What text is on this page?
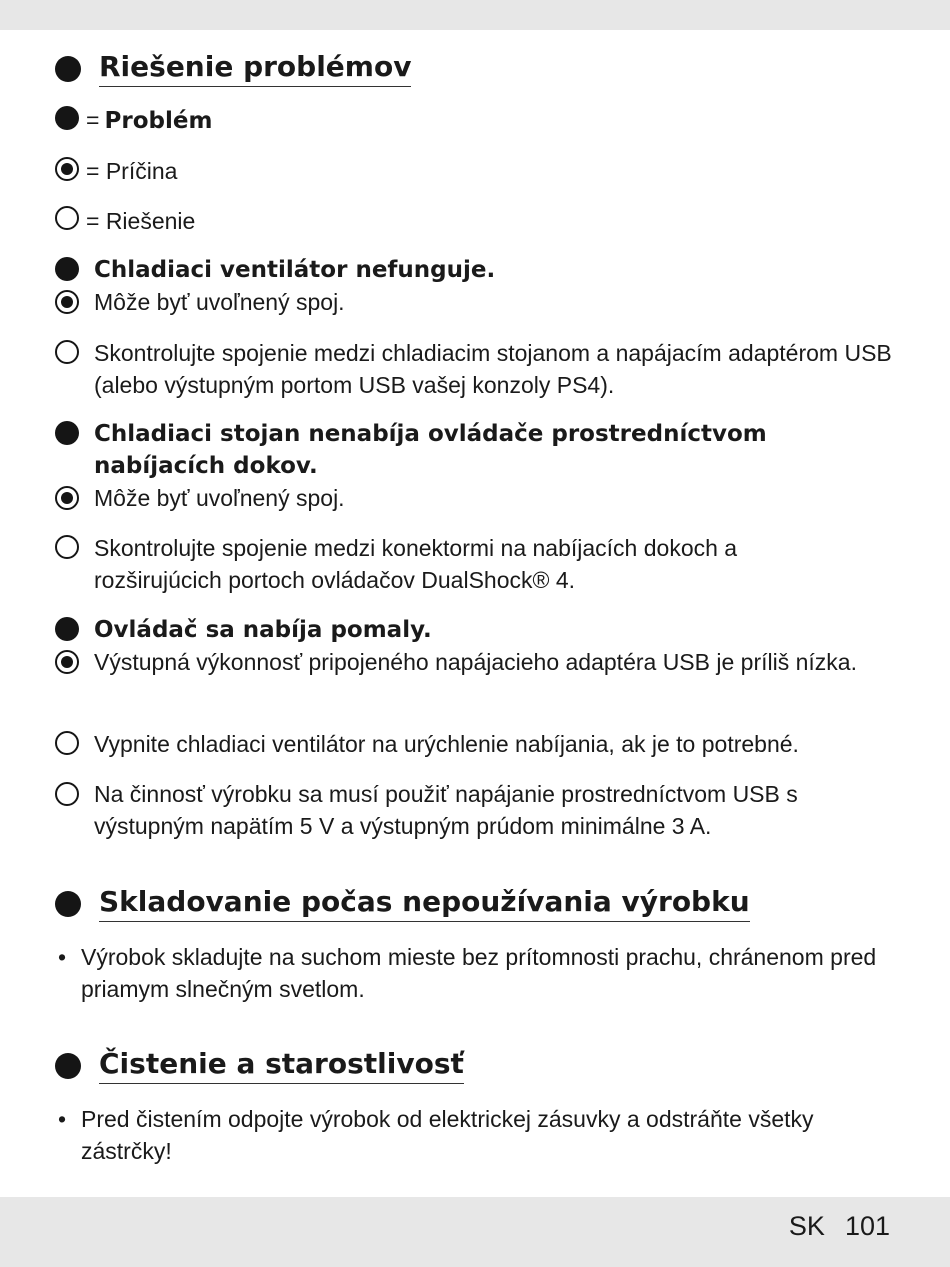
Riešenie problémov
= Problém
= Príčina
= Riešenie
Chladiaci ventilátor nefunguje.
Môže byť uvoľnený spoj.
Skontrolujte spojenie medzi chladiacim stojanom a napájacím adaptérom USB (alebo výstupným portom USB vašej konzoly PS4).
Chladiaci stojan nenabíja ovládače prostredníctvom nabíjacích dokov.
Môže byť uvoľnený spoj.
Skontrolujte spojenie medzi konektormi na nabíjacích dokoch a rozširujúcich portoch ovládačov DualShock® 4.
Ovládač sa nabíja pomaly.
Výstupná výkonnosť pripojeného napájacieho adaptéra USB je príliš nízka.
Vypnite chladiaci ventilátor na urýchlenie nabíjania, ak je to potrebné.
Na činnosť výrobku sa musí použiť napájanie prostredníctvom USB s výstupným napätím 5 V a výstupným prúdom minimálne 3 A.
Skladovanie počas nepoužívania výrobku
• Výrobok skladujte na suchom mieste bez prítomnosti prachu, chránenom pred priamym slnečným svetlom.
Čistenie a starostlivosť
• Pred čistením odpojte výrobok od elektrickej zásuvky a odstráňte všetky zástrčky!
SK 101
